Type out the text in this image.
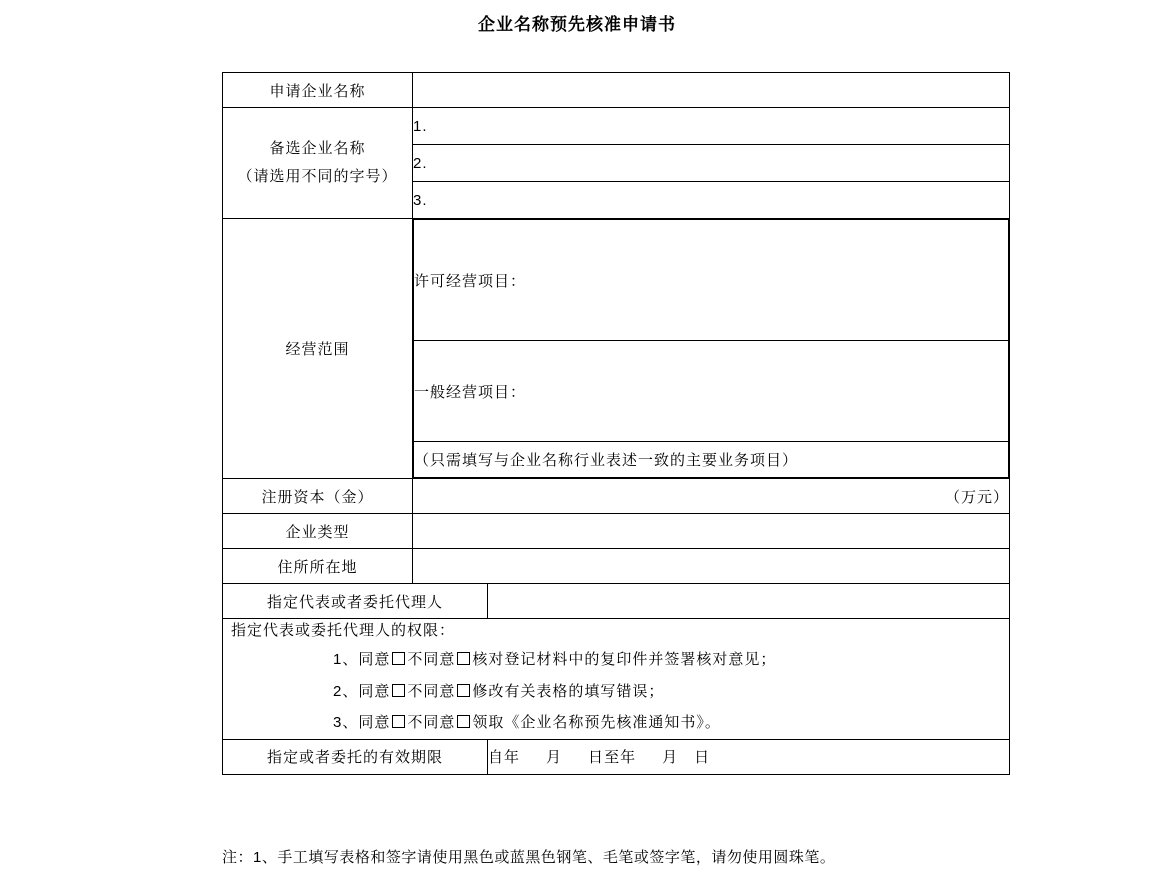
企业名称预先核准申请书
申请企业名称	

备选企业名称
（请选用不同的字号）
	1.
2.
3.
经营范围	
许可经营项目：
一般经营项目：
（只需填写与企业名称行业表述一致的主要业务项目）

注册资本（金）	（万元）
企业类型	
住所所在地	
指定代表或者委托代理人	

指定代表或委托代理人的权限：
1、同意 不同意 核对登记材料中的复印件并签署核对意见；
2、同意 不同意 修改有关表格的填写错误；
3、同意 不同意 领取《企业名称预先核准通知书》。

指定或者委托的有效期限	自年 月 日至年 月 日
注：1、手工填写表格和签字请使用黑色或蓝黑色钢笔、毛笔或签字笔，请勿使用圆珠笔。
